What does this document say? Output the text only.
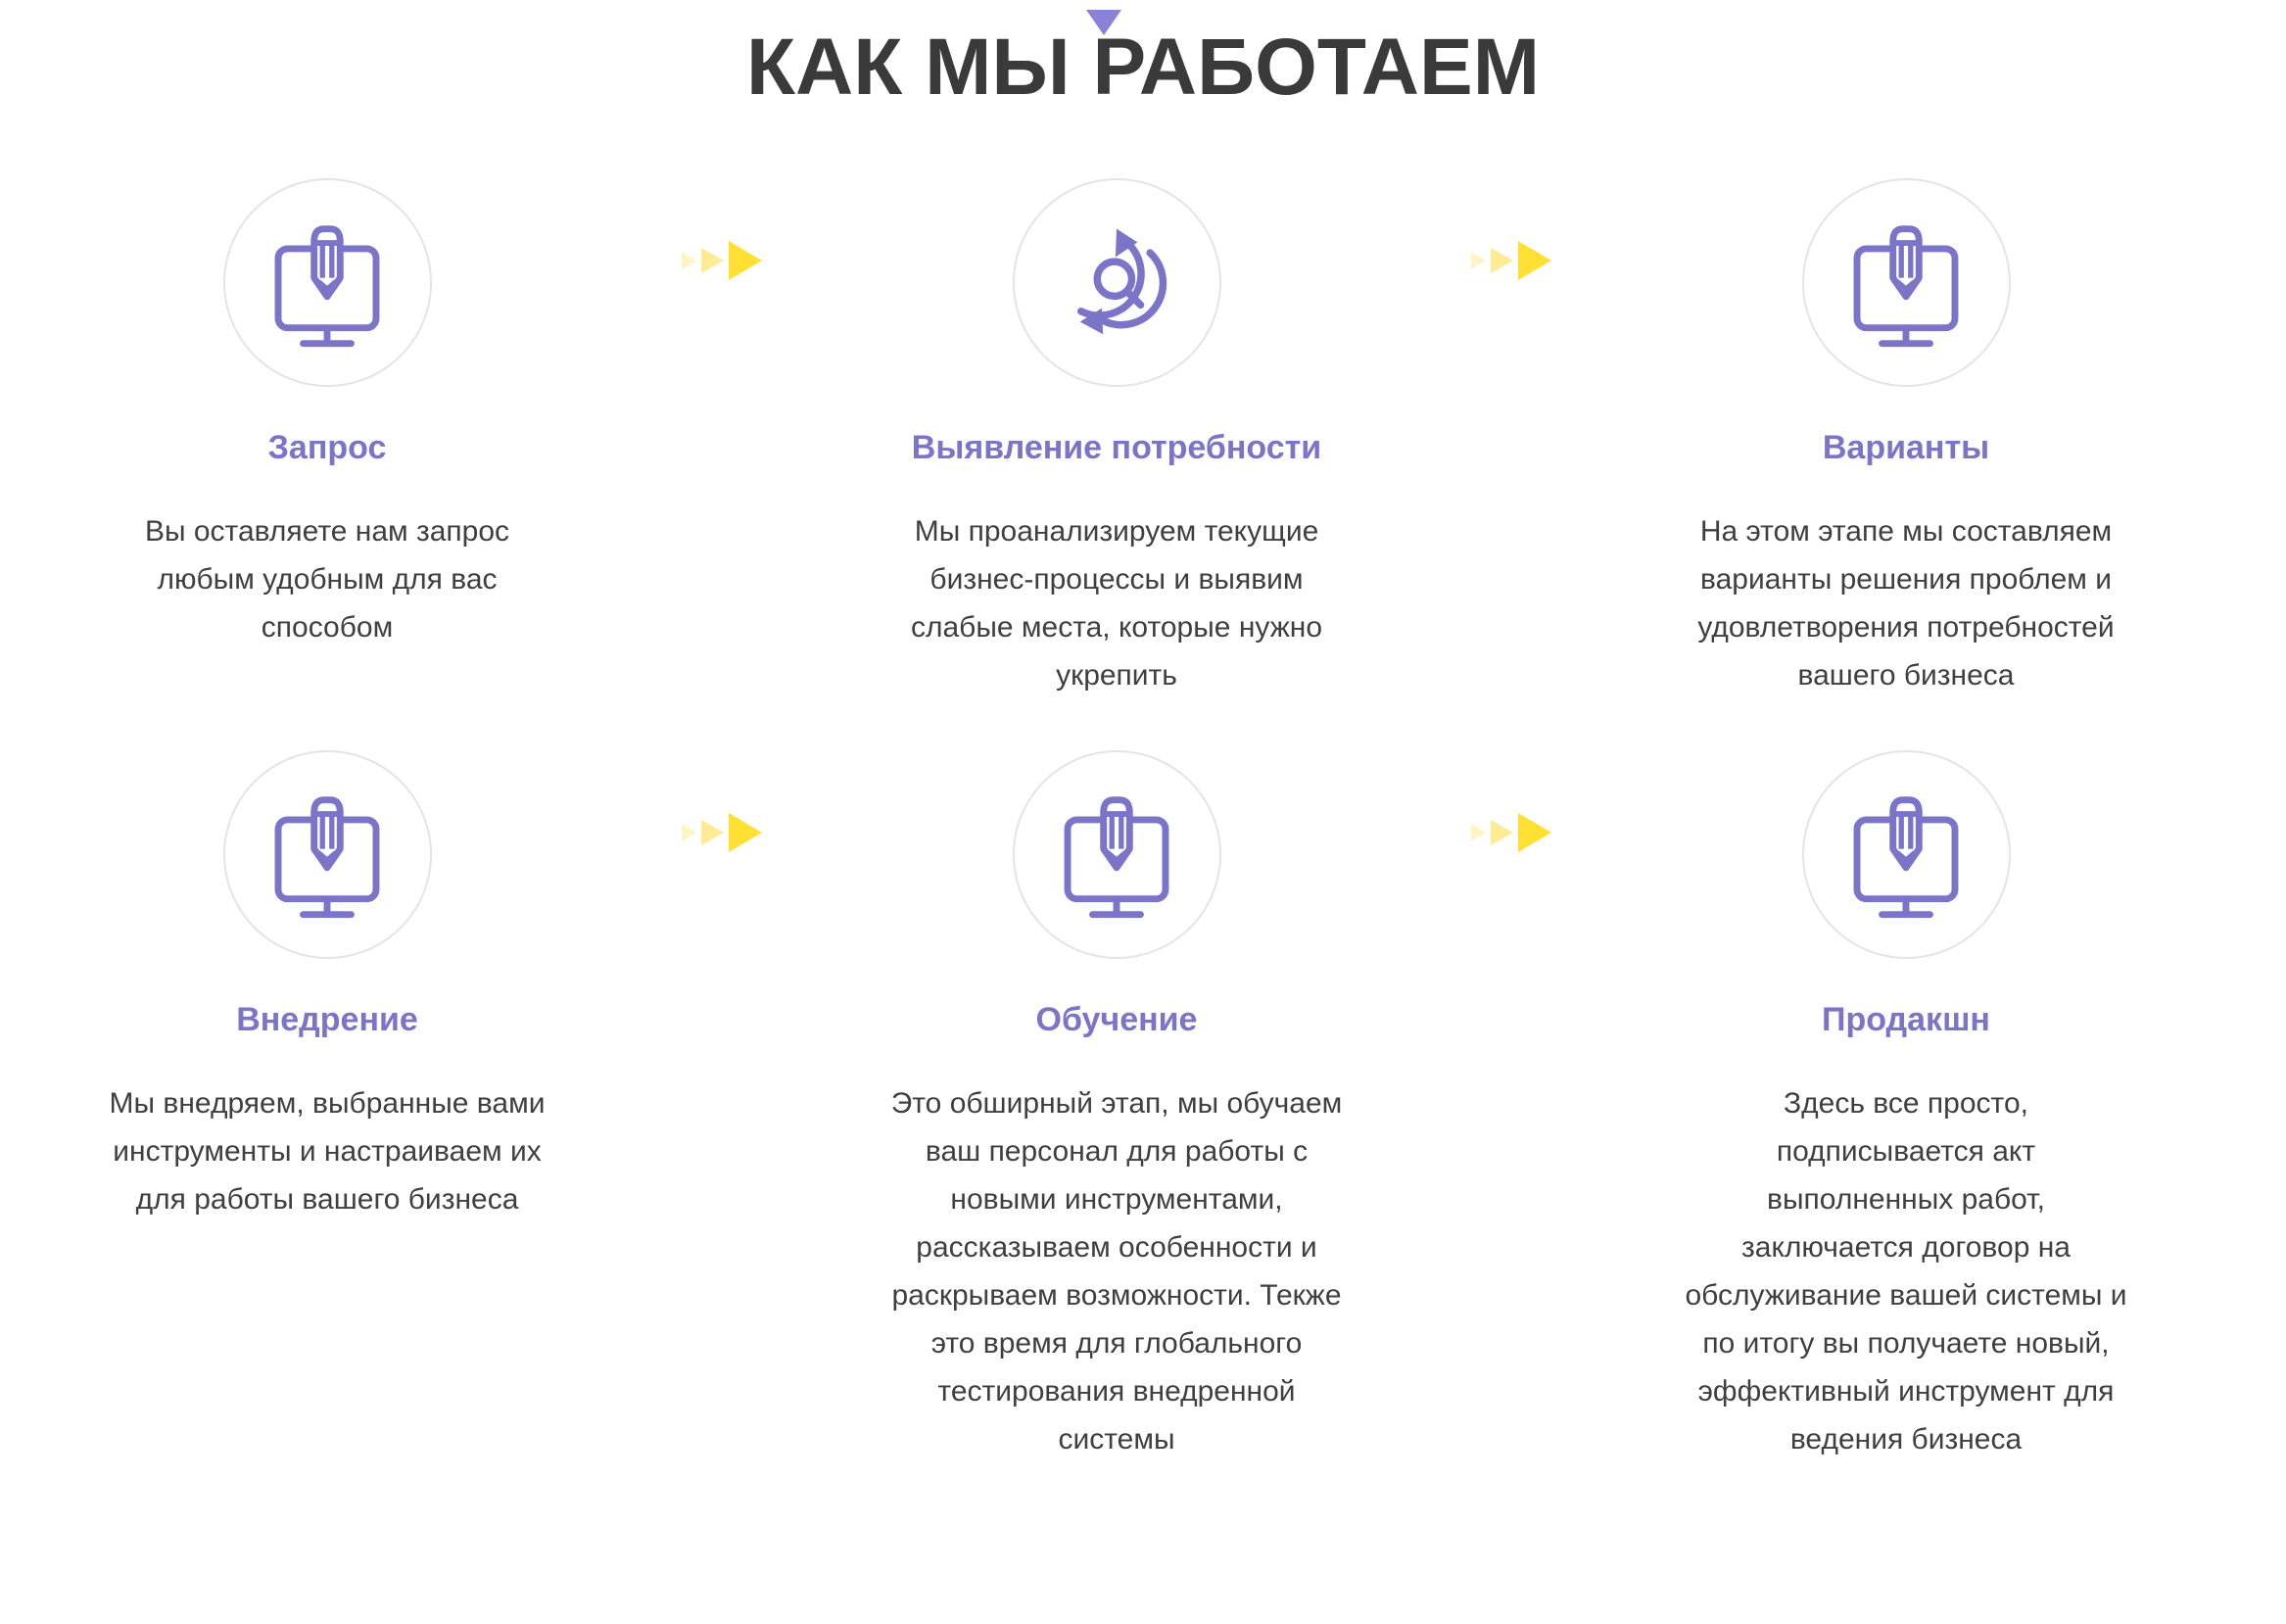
КАК МЫ РАБОТАЕМ
Запрос
Вы оставляете нам запрос любым удобным для вас способом
Выявление потребности
Мы проанализируем текущие бизнес-процессы и выявим слабые места, которые нужно укрепить
Варианты
На этом этапе мы составляем варианты решения проблем и удовлетворения потребностей вашего бизнеса
Внедрение
Мы внедряем, выбранные вами инструменты и настраиваем их для работы вашего бизнеса
Обучение
Это обширный этап, мы обучаем ваш персонал для работы с новыми инструментами, рассказываем особенности и раскрываем возможности. Текже это время для глобального тестирования внедренной системы
Продакшн
Здесь все просто, подписывается акт выполненных работ, заключается договор на обслуживание вашей системы и по итогу вы получаете новый, эффективный инструмент для ведения бизнеса
